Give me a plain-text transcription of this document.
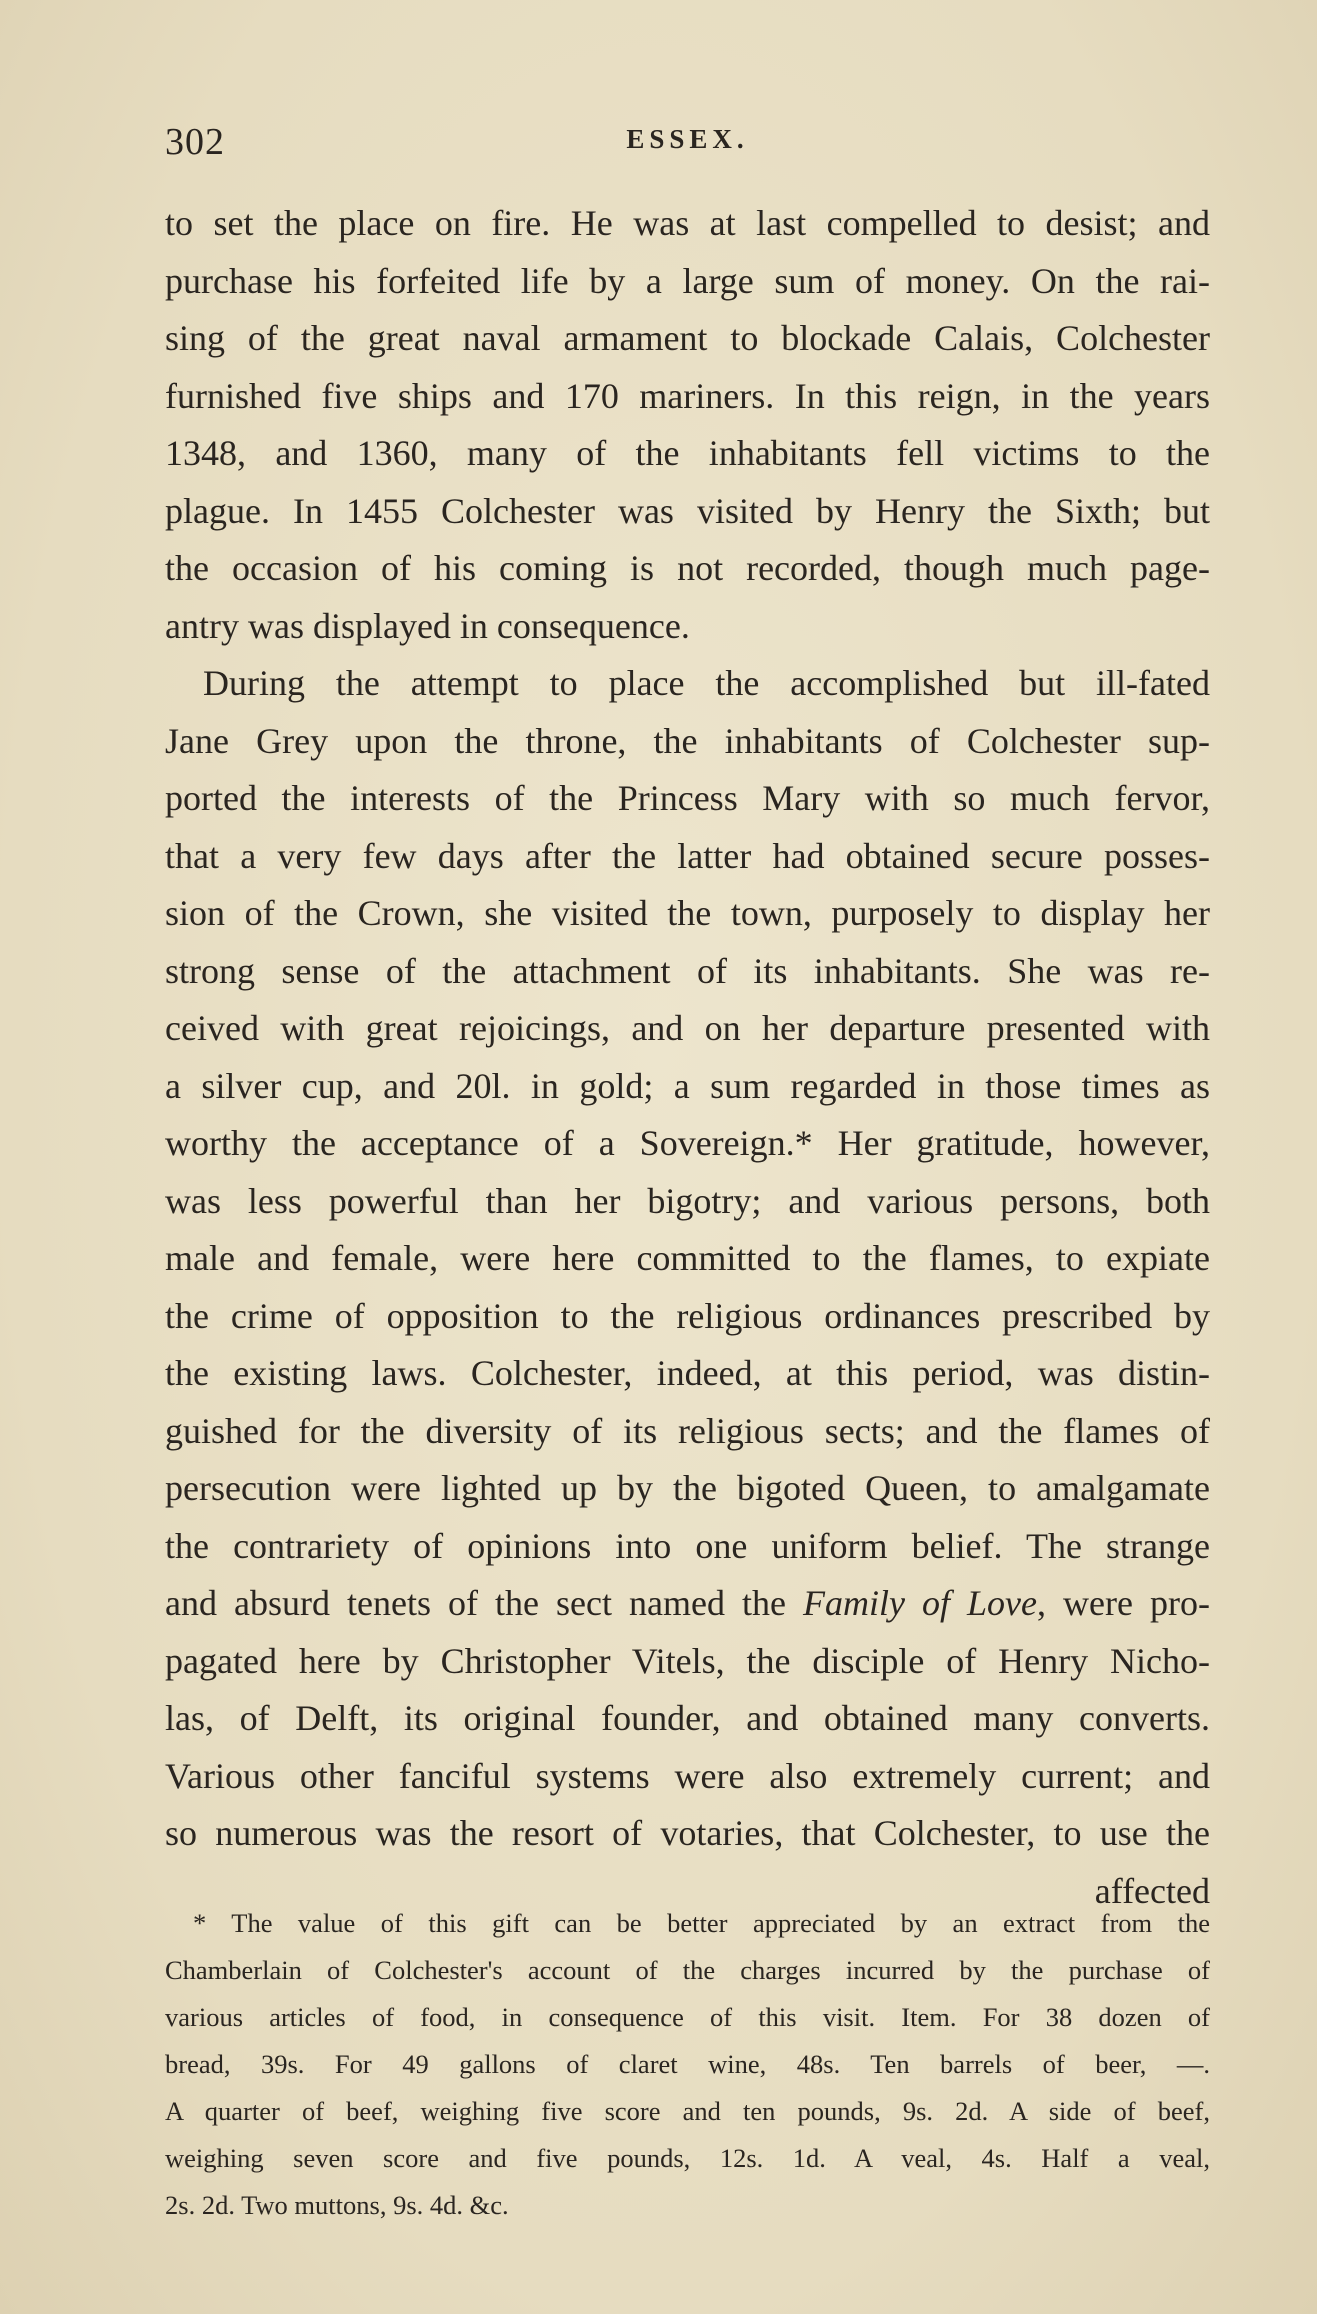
302	ESSEX.
to set the place on fire. He was at last compelled to desist; and
purchase his forfeited life by a large sum of money. On the rai-
sing of the great naval armament to blockade Calais, Colchester
furnished five ships and 170 mariners. In this reign, in the years
1348, and 1360, many of the inhabitants fell victims to the
plague. In 1455 Colchester was visited by Henry the Sixth; but
the occasion of his coming is not recorded, though much page-
antry was displayed in consequence.
During the attempt to place the accomplished but ill-fated
Jane Grey upon the throne, the inhabitants of Colchester sup-
ported the interests of the Princess Mary with so much fervor,
that a very few days after the latter had obtained secure posses-
sion of the Crown, she visited the town, purposely to display her
strong sense of the attachment of its inhabitants. She was re-
ceived with great rejoicings, and on her departure presented with
a silver cup, and 20l. in gold; a sum regarded in those times as
worthy the acceptance of a Sovereign.* Her gratitude, however,
was less powerful than her bigotry; and various persons, both
male and female, were here committed to the flames, to expiate
the crime of opposition to the religious ordinances prescribed by
the existing laws. Colchester, indeed, at this period, was distin-
guished for the diversity of its religious sects; and the flames of
persecution were lighted up by the bigoted Queen, to amalgamate
the contrariety of opinions into one uniform belief. The strange
and absurd tenets of the sect named the Family of Love, were pro-
pagated here by Christopher Vitels, the disciple of Henry Nicho-
las, of Delft, its original founder, and obtained many converts.
Various other fanciful systems were also extremely current; and
so numerous was the resort of votaries, that Colchester, to use the
affected
* The value of this gift can be better appreciated by an extract from the
Chamberlain of Colchester's account of the charges incurred by the purchase of
various articles of food, in consequence of this visit. Item. For 38 dozen of
bread, 39s. For 49 gallons of claret wine, 48s. Ten barrels of beer, —.
A quarter of beef, weighing five score and ten pounds, 9s. 2d. A side of beef,
weighing seven score and five pounds, 12s. 1d. A veal, 4s. Half a veal,
2s. 2d. Two muttons, 9s. 4d. &c.
